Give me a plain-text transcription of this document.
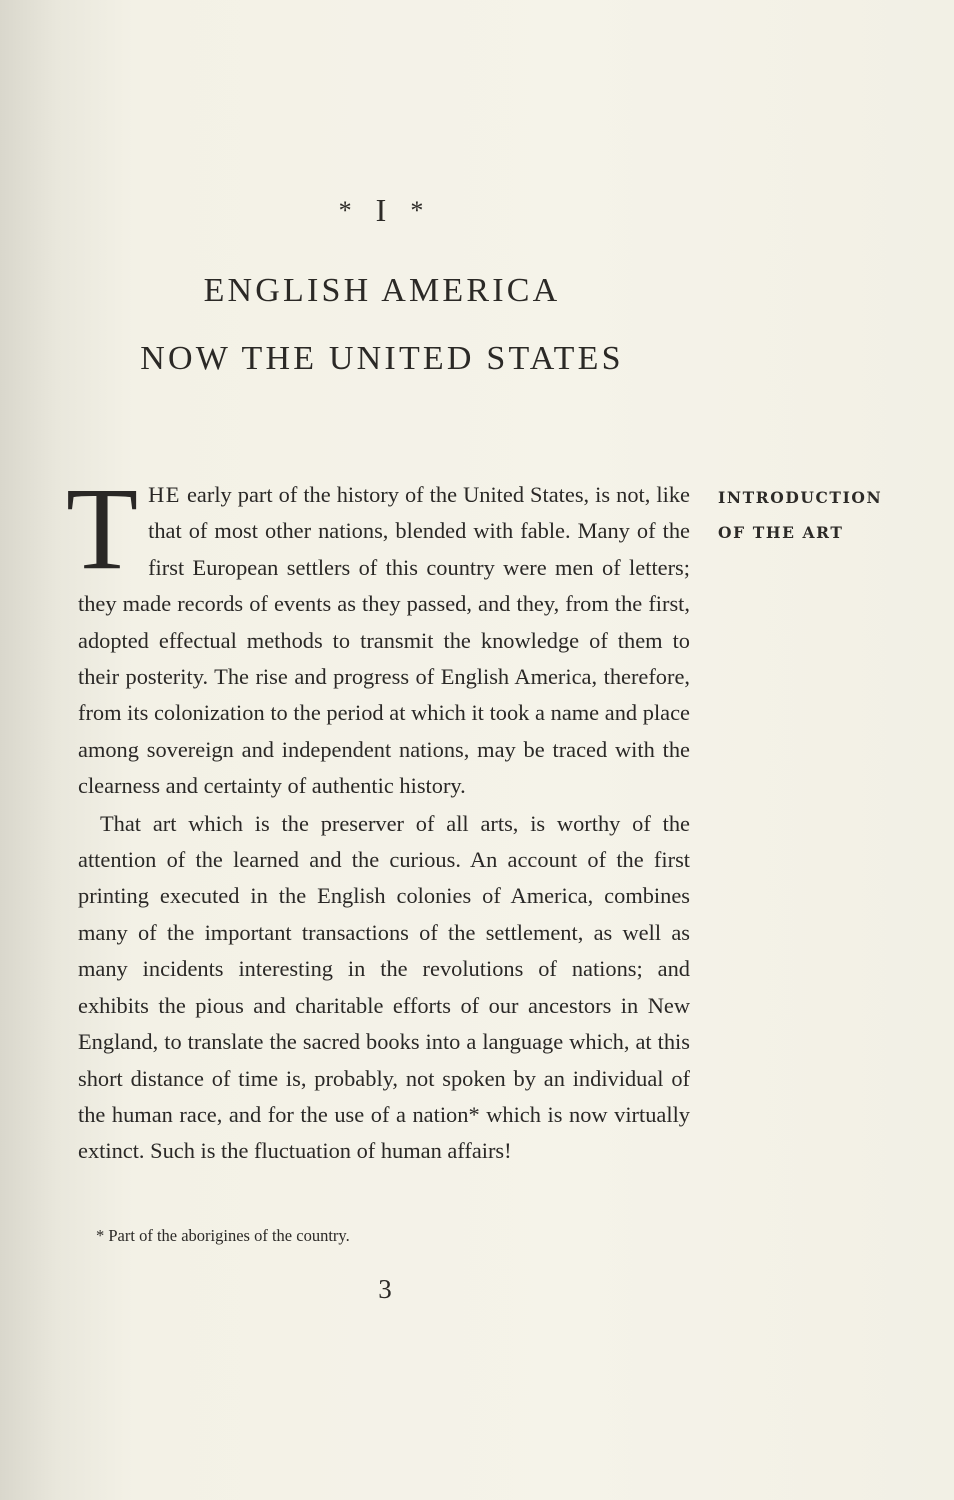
* I *
ENGLISH AMERICA
NOW THE UNITED STATES
INTRODUCTION
OF THE ART

THE early part of the history of the United States, is not, like that of most other nations, blended with fable. Many of the first European settlers of this country were men of letters; they made records of events as they passed, and they, from the first, adopted effectual methods to transmit the knowledge of them to their posterity. The rise and progress of English America, therefore, from its colonization to the period at which it took a name and place among sovereign and independent nations, may be traced with the clearness and certainty of authentic history.

That art which is the preserver of all arts, is worthy of the attention of the learned and the curious. An account of the first printing executed in the English colonies of America, combines many of the important transactions of the settlement, as well as many incidents interesting in the revolutions of nations; and exhibits the pious and charitable efforts of our ancestors in New England, to translate the sacred books into a language which, at this short distance of time is, probably, not spoken by an individual of the human race, and for the use of a nation* which is now virtually extinct. Such is the fluctuation of human affairs!

* Part of the aborigines of the country.
3
